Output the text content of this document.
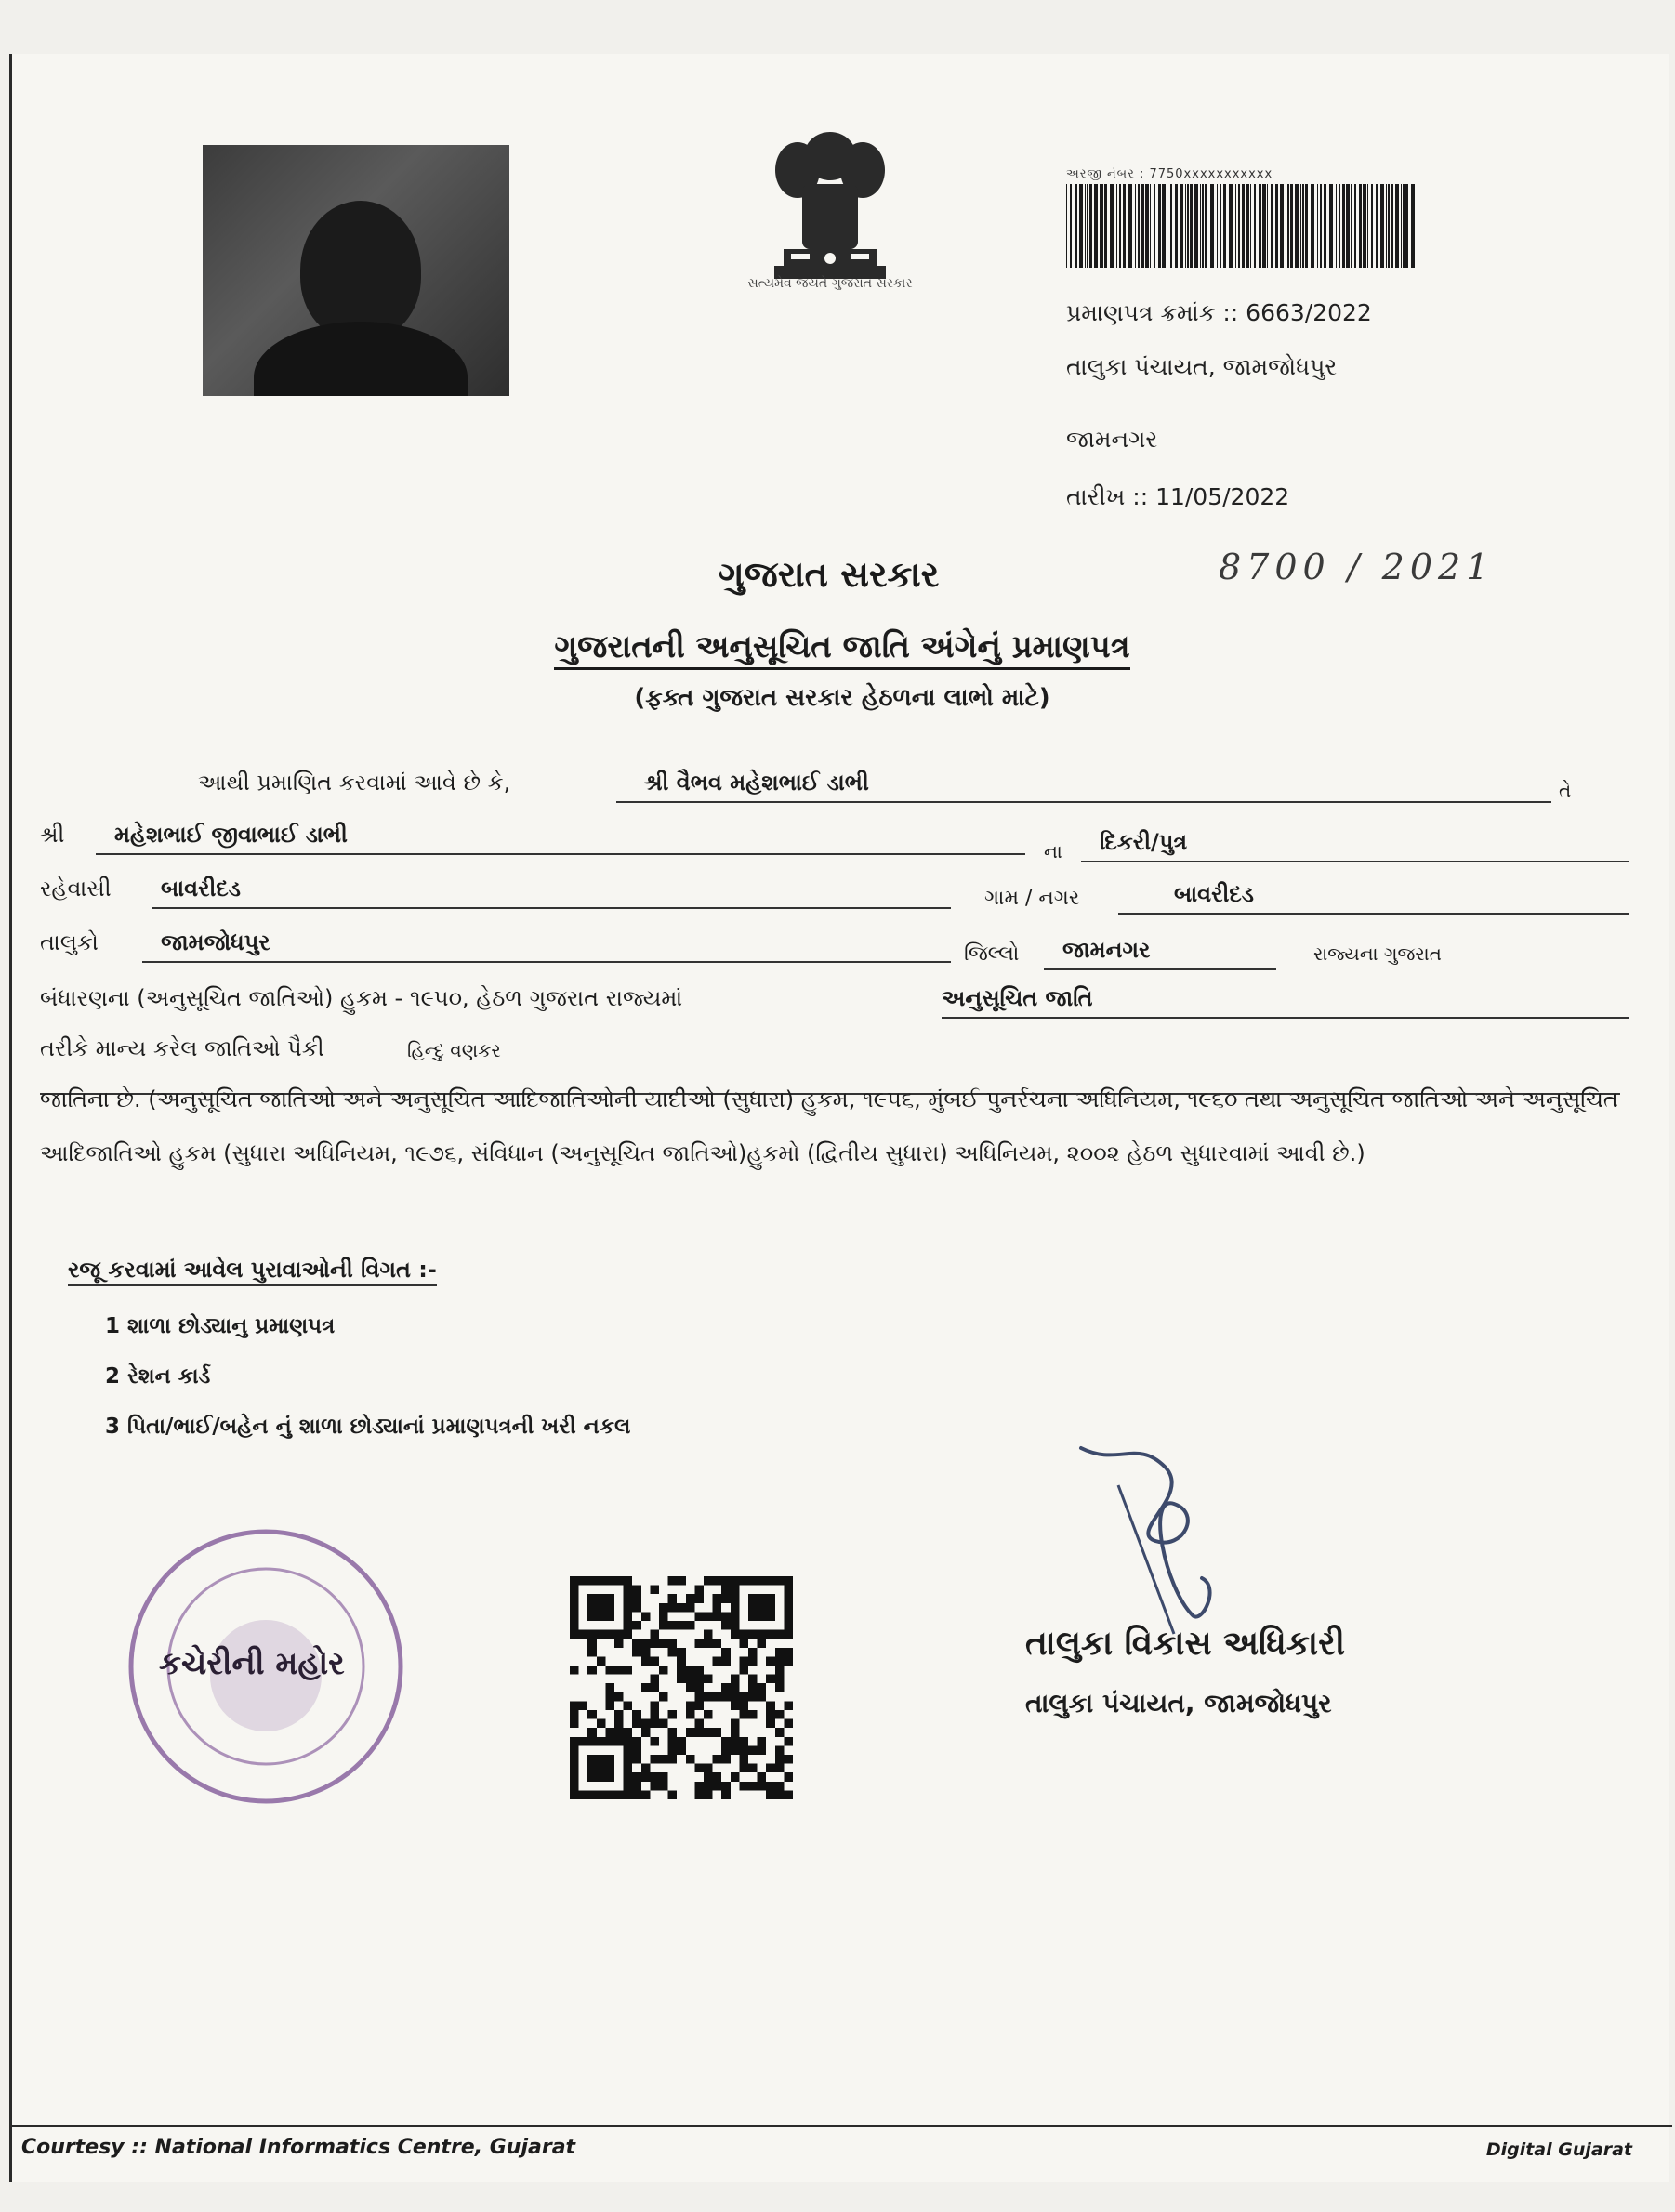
સત્યમેવ જયતે ગુજરાત સરકાર
અરજી નંબર : 7750xxxxxxxxxxx
પ્રમાણપત્ર ક્રમાંક :: 6663/2022
તાલુકા પંચાયત, જામજોધપુર
જામનગર
તારીખ :: 11/05/2022
ગુજરાત સરકાર	8700 / 2021
ગુજરાતની અનુસૂચિત જાતિ અંગેનું પ્રમાણપત્ર
(ફક્ત ગુજરાત સરકાર હેઠળના લાભો માટે)
આથી પ્રમાણિત કરવામાં આવે છે કે,	શ્રી વૈભવ મહેશભાઈ ડાભી	તે
શ્રી	મહેશભાઈ જીવાભાઈ ડાભી
ના	દિકરી/પુત્ર
રહેવાસી	બાવરીદડ	ગામ / નગર	બાવરીદડ
તાલુકો	જામજોધપુર	જિલ્લો	જામનગર	રાજ્યના ગુજરાત
બંધારણના (અનુસૂચિત જાતિઓ) હુકમ - ૧૯૫૦, હેઠળ ગુજરાત રાજ્યમાં	અનુસૂચિત જાતિ
તરીકે માન્ય કરેલ જાતિઓ પૈકી	હિન્દુ વણકર
જાતિના છે. (અનુસૂચિત જાતિઓ અને અનુસૂચિત આદિજાતિઓની યાદીઓ (સુધારા) હુકમ, ૧૯૫૬, મુંબઈ પુનર્રચના અધિનિયમ, ૧૯૬૦ તથા અનુસૂચિત જાતિઓ અને અનુસૂચિત આદિજાતિઓ હુકમ (સુધારા અધિનિયમ, ૧૯૭૬, સંવિધાન (અનુસૂચિત જાતિઓ)હુકમો (દ્વિતીય સુધારા) અધિનિયમ, ૨૦૦૨ હેઠળ સુધારવામાં આવી છે.)
રજૂ કરવામાં આવેલ પુરાવાઓની વિગત :-
1 શાળા છોડ્યાનુ પ્રમાણપત્ર
2 રેશન કાર્ડ
3 પિતા/ભાઈ/બહેન નું શાળા છોડ્યાનાં પ્રમાણપત્રની ખરી નકલ
કચેરીની મહોર
તાલુકા વિકાસ અધિકારી
તાલુકા પંચાયત, જામજોધપુર
Courtesy :: National Informatics Centre, Gujarat	Digital Gujarat
